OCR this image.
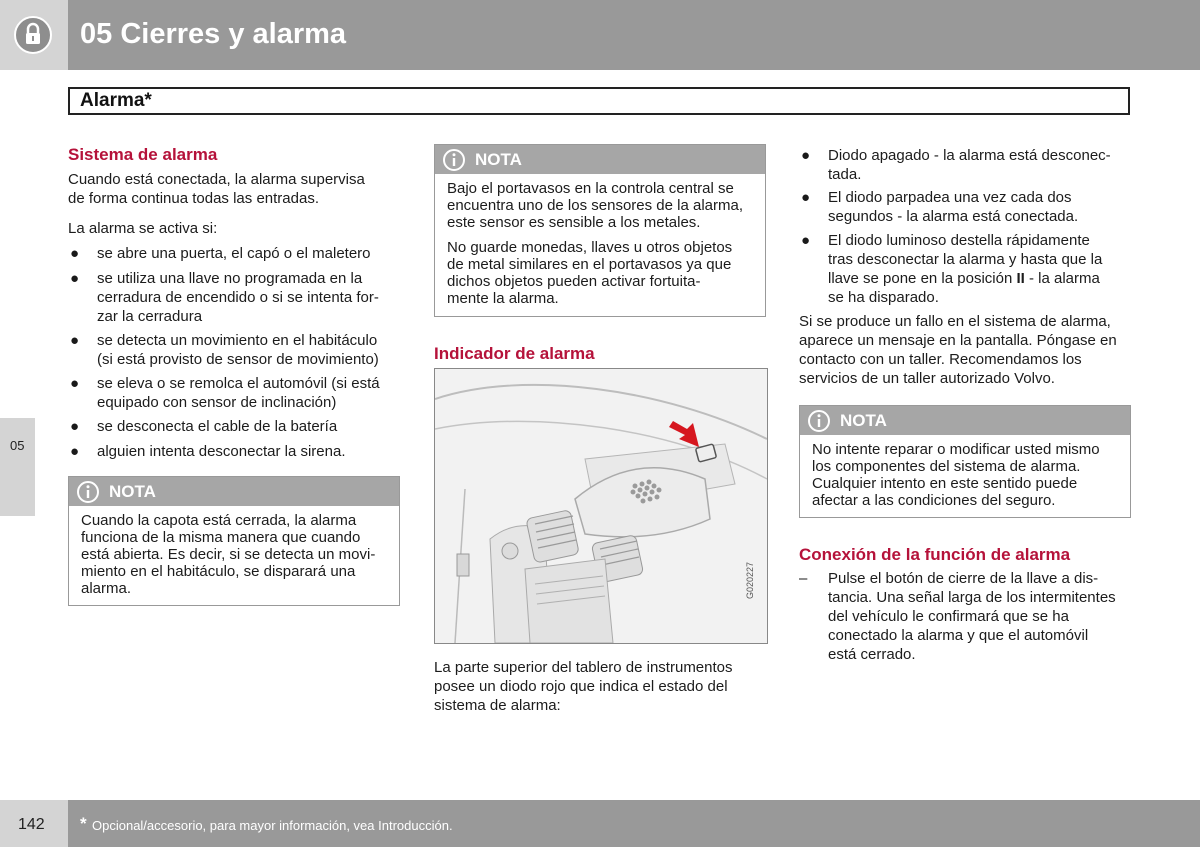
05 Cierres y alarma
Alarma*
05
Sistema de alarma
Cuando está conectada, la alarma supervisa
de forma continua todas las entradas.
La alarma se activa si:
● se abre una puerta, el capó o el maletero
● se utiliza una llave no programada en la
cerradura de encendido o si se intenta for-
zar la cerradura
● se detecta un movimiento en el habitáculo
(si está provisto de sensor de movimiento)
● se eleva o se remolca el automóvil (si está
equipado con sensor de inclinación)
● se desconecta el cable de la batería
● alguien intenta desconectar la sirena.
NOTA
Cuando la capota está cerrada, la alarma
funciona de la misma manera que cuando
está abierta. Es decir, si se detecta un movi-
miento en el habitáculo, se disparará una
alarma.
NOTA
Bajo el portavasos en la controla central se
encuentra uno de los sensores de la alarma,
este sensor es sensible a los metales.
No guarde monedas, llaves u otros objetos
de metal similares en el portavasos ya que
dichos objetos pueden activar fortuita-
mente la alarma.
Indicador de alarma
G020227
La parte superior del tablero de instrumentos
posee un diodo rojo que indica el estado del
sistema de alarma:
● Diodo apagado - la alarma está desconec-
tada.
● El diodo parpadea una vez cada dos
segundos - la alarma está conectada.
● El diodo luminoso destella rápidamente
tras desconectar la alarma y hasta que la
llave se pone en la posición II - la alarma
se ha disparado.
Si se produce un fallo en el sistema de alarma,
aparece un mensaje en la pantalla. Póngase en
contacto con un taller. Recomendamos los
servicios de un taller autorizado Volvo.
NOTA
No intente reparar o modificar usted mismo
los componentes del sistema de alarma.
Cualquier intento en este sentido puede
afectar a las condiciones del seguro.
Conexión de la función de alarma
– Pulse el botón de cierre de la llave a dis-
tancia. Una señal larga de los intermitentes
del vehículo le confirmará que se ha
conectado la alarma y que el automóvil
está cerrado.
142 * Opcional/accesorio, para mayor información, vea Introducción.
